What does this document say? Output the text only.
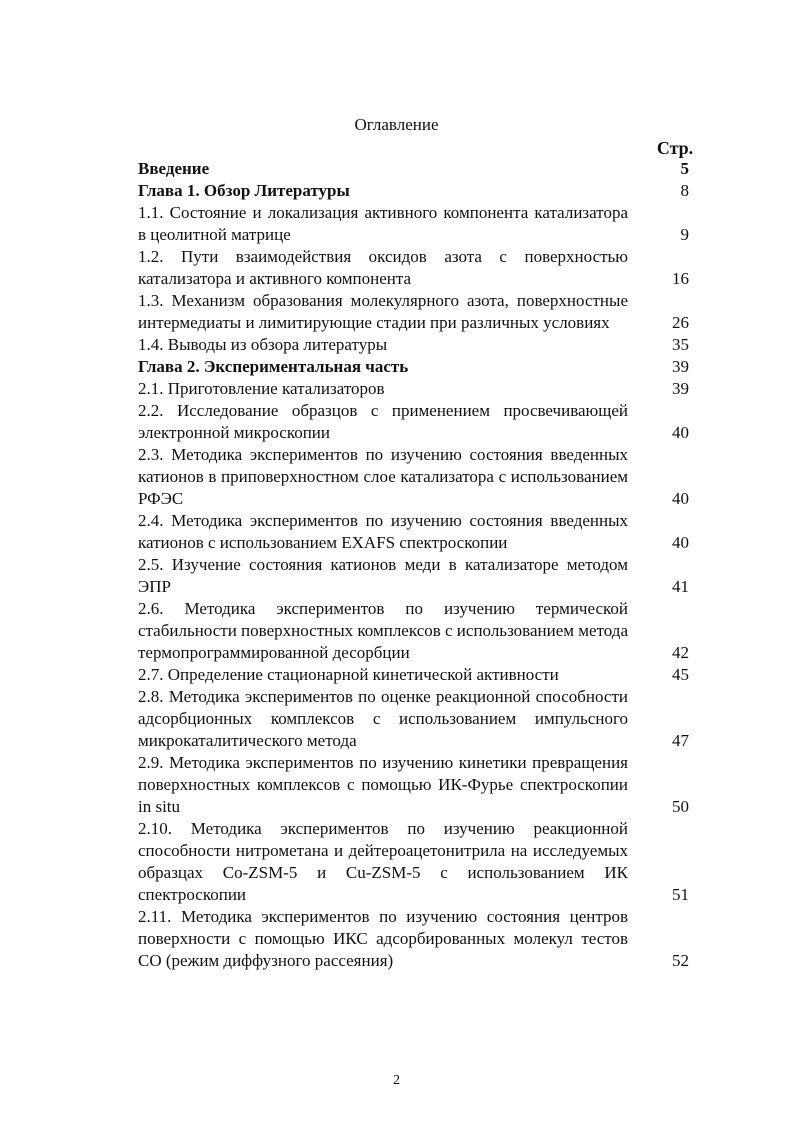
Оглавление
Стр.
Введение	5
Глава 1. Обзор Литературы	8
1.1. Состояние и локализация активного компонента катализатора в цеолитной матрице	9
1.2. Пути взаимодействия оксидов азота с поверхностью катализатора и активного компонента	16
1.3. Механизм образования молекулярного азота, поверхностные интермедиаты и лимитирующие стадии при различных условиях	26
1.4. Выводы из обзора литературы	35
Глава 2. Экспериментальная часть	39
2.1. Приготовление катализаторов	39
2.2. Исследование образцов с применением просвечивающей электронной микроскопии	40
2.3. Методика экспериментов по изучению состояния введенных катионов в приповерхностном слое катализатора с использованием РФЭС	40
2.4. Методика экспериментов по изучению состояния введенных катионов с использованием EXAFS спектроскопии	40
2.5. Изучение состояния катионов меди в катализаторе методом ЭПР	41
2.6. Методика экспериментов по изучению термической стабильности поверхностных комплексов с использованием метода термопрограммированной десорбции	42
2.7. Определение стационарной кинетической активности	45
2.8. Методика экспериментов по оценке реакционной способности адсорбционных комплексов с использованием импульсного микрокаталитического метода	47
2.9. Методика экспериментов по изучению кинетики превращения поверхностных комплексов с помощью ИК-Фурье спектроскопии in situ	50
2.10. Методика экспериментов по изучению реакционной способности нитрометана и дейтероацетонитрила на исследуемых образцах Co-ZSM-5 и Cu-ZSM-5 с использованием ИК спектроскопии	51
2.11. Методика экспериментов по изучению состояния центров поверхности с помощью ИКС адсорбированных молекул тестов CO (режим диффузного рассеяния)	52
2
